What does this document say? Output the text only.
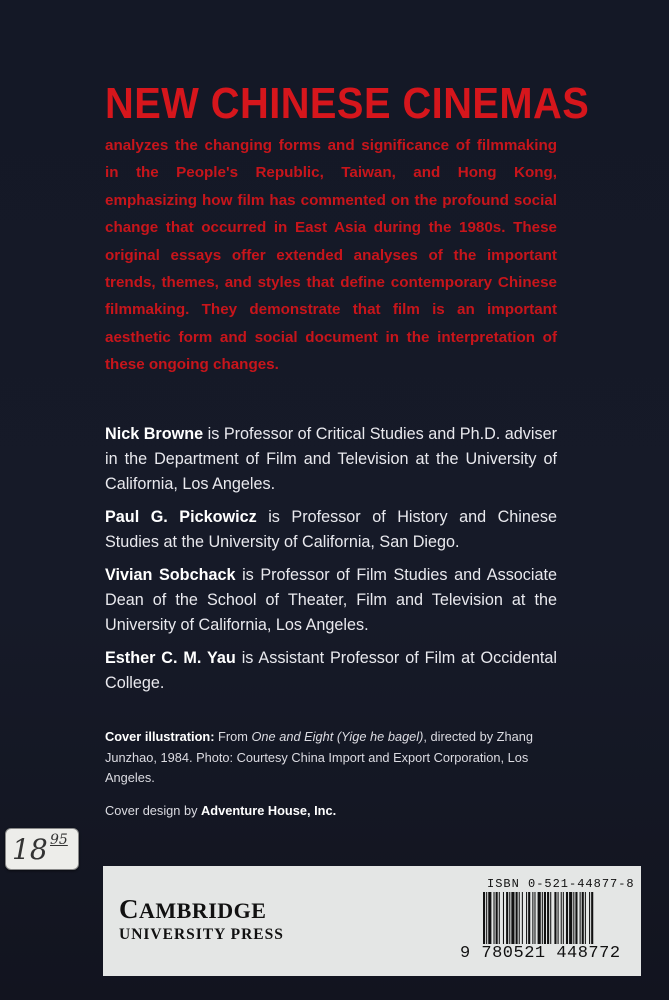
NEW CHINESE CINEMAS

analyzes the changing forms and significance of filmmaking in the People's Republic, Taiwan, and Hong Kong, emphasizing how film has commented on the profound social change that occurred in East Asia during the 1980s. These original essays offer extended analyses of the important trends, themes, and styles that define contemporary Chinese filmmaking. They demonstrate that film is an important aesthetic form and social document in the interpretation of these ongoing changes.

Nick Browne is Professor of Critical Studies and Ph.D. adviser in the Department of Film and Television at the University of California, Los Angeles.

Paul G. Pickowicz is Professor of History and Chinese Studies at the University of California, San Diego.

Vivian Sobchack is Professor of Film Studies and Associate Dean of the School of Theater, Film and Television at the University of California, Los Angeles.

Esther C. M. Yau is Assistant Professor of Film at Occidental College.

Cover illustration: From One and Eight (Yige he bagel), directed by Zhang Junzhao, 1984. Photo: Courtesy China Import and Export Corporation, Los Angeles.

Cover design by Adventure House, Inc.

18 95
CAMBRIDGE
UNIVERSITY PRESS
ISBN 0-521-44877-8
9 780521 448772
